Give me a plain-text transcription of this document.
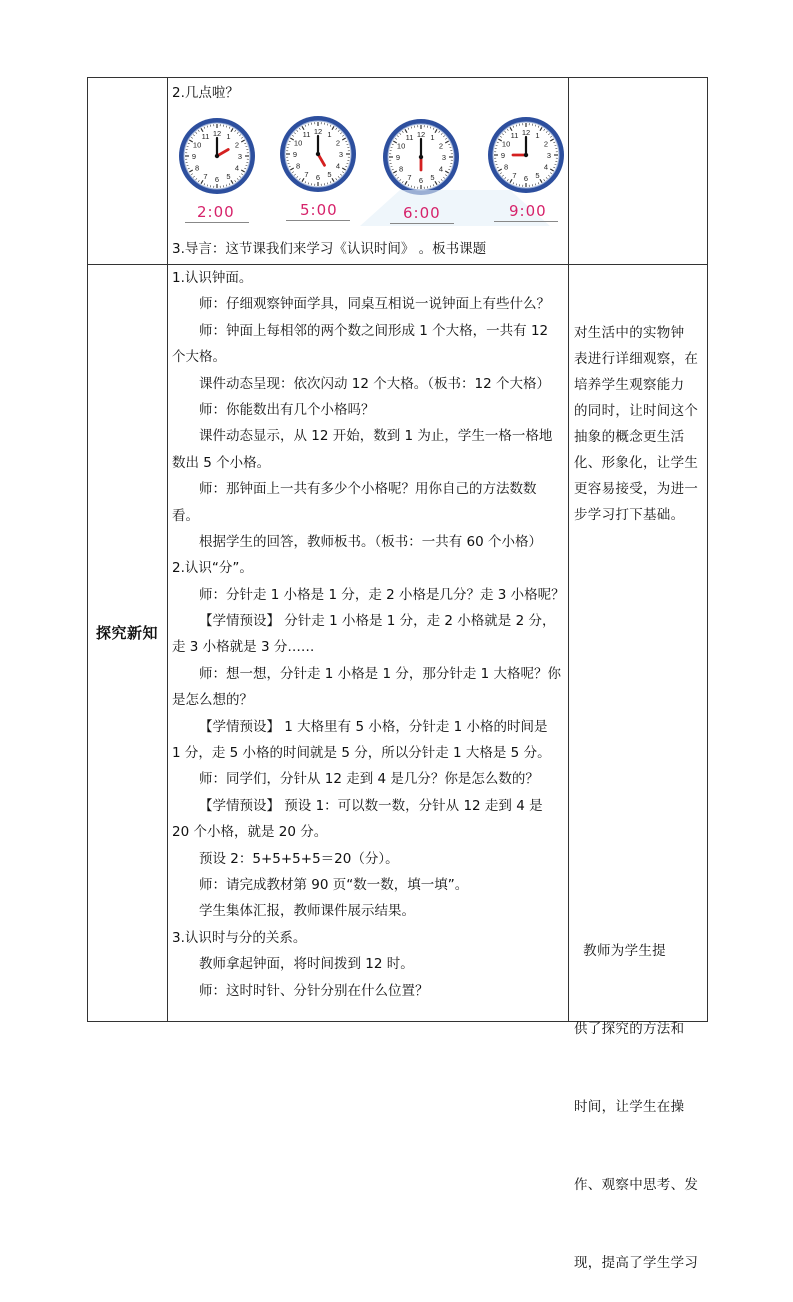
2.几点啦？
1
2
3
4
5
6
7
8
9
10
11 12	1
2
3
4
5
6
7
8
9
10
11 12
1
2
3
4
5
6
7
8
9
10
11 12	1
2
3
4
5
6
7
8
9
10
11 12
2:00	5:00	6:00	9:00
3.导言：这节课我们来学习《认识时间》 。板书课题
探究新知
1.认识钟面。
师：仔细观察钟面学具，同桌互相说一说钟面上有些什么？
师：钟面上每相邻的两个数之间形成 1 个大格，一共有 12
个大格。
课件动态呈现：依次闪动 12 个大格。（板书：12 个大格）
师：你能数出有几个小格吗？
课件动态显示，从 12 开始，数到 1 为止，学生一格一格地
数出 5 个小格。
师：那钟面上一共有多少个小格呢？用你自己的方法数数
看。
根据学生的回答，教师板书。（板书：一共有 60 个小格）
2.认识“分”。
师：分针走 1 小格是 1 分，走 2 小格是几分？走 3 小格呢？
【学情预设】 分针走 1 小格是 1 分，走 2 小格就是 2 分，
走 3 小格就是 3 分……
师：想一想，分针走 1 小格是 1 分，那分针走 1 大格呢？你
是怎么想的？
【学情预设】 1 大格里有 5 小格，分针走 1 小格的时间是
1 分，走 5 小格的时间就是 5 分，所以分针走 1 大格是 5 分。
师：同学们，分针从 12 走到 4 是几分？你是怎么数的？
【学情预设】 预设 1：可以数一数，分针从 12 走到 4 是
20 个小格，就是 20 分。
预设 2：5+5+5+5＝20（分）。
师：请完成教材第 90 页“数一数，填一填”。
学生集体汇报，教师课件展示结果。
3.认识时与分的关系。
教师拿起钟面，将时间拨到 12 时。
师：这时时针、分针分别在什么位置？
对生活中的实物钟
表进行详细观察，在
培养学生观察能力
的同时，让时间这个
抽象的概念更生活
化、形象化，让学生
更容易接受，为进一
步学习打下基础。

教师为学生提

供了探究的方法和

时间，让学生在操

作、观察中思考、发

现，提高了学生学习
